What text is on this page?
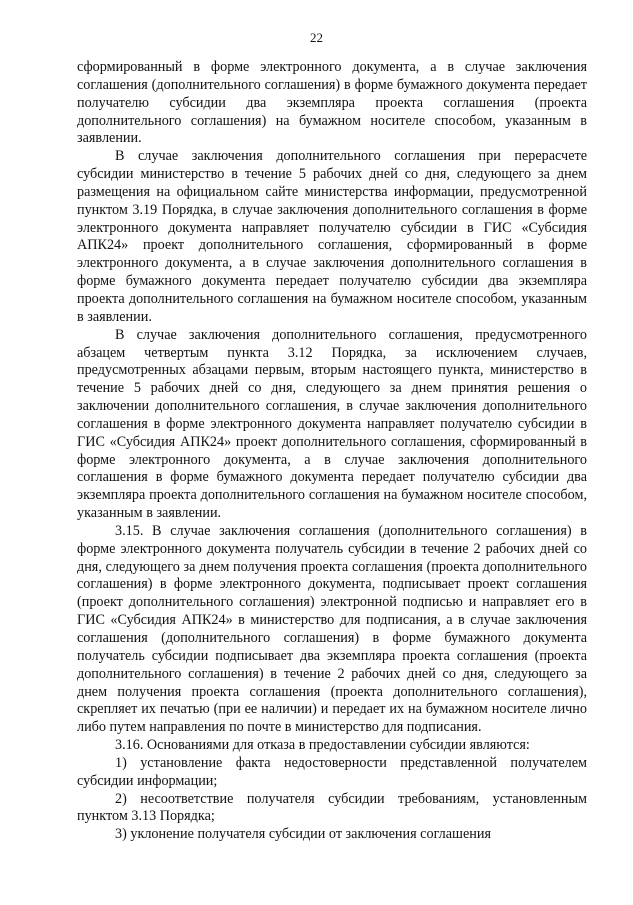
22

сформированный в форме электронного документа, а в случае заключения соглашения (дополнительного соглашения) в форме бумажного документа передает получателю субсидии два экземпляра проекта соглашения (проекта дополнительного соглашения) на бумажном носителе способом, указанным в заявлении.

В случае заключения дополнительного соглашения при перерасчете субсидии министерство в течение 5 рабочих дней со дня, следующего за днем размещения на официальном сайте министерства информации, предусмотренной пунктом 3.19 Порядка, в случае заключения дополнительного соглашения в форме электронного документа направляет получателю субсидии в ГИС «Субсидия АПК24» проект дополнительного соглашения, сформированный в форме электронного документа, а в случае заключения дополнительного соглашения в форме бумажного документа передает получателю субсидии два экземпляра проекта дополнительного соглашения на бумажном носителе способом, указанным в заявлении.

В случае заключения дополнительного соглашения, предусмотренного абзацем четвертым пункта 3.12 Порядка, за исключением случаев, предусмотренных абзацами первым, вторым настоящего пункта, министерство в течение 5 рабочих дней со дня, следующего за днем принятия решения о заключении дополнительного соглашения, в случае заключения дополнительного соглашения в форме электронного документа направляет получателю субсидии в ГИС «Субсидия АПК24» проект дополнительного соглашения, сформированный в форме электронного документа, а в случае заключения дополнительного соглашения в форме бумажного документа передает получателю субсидии два экземпляра проекта дополнительного соглашения на бумажном носителе способом, указанным в заявлении.

3.15. В случае заключения соглашения (дополнительного соглашения) в форме электронного документа получатель субсидии в течение 2 рабочих дней со дня, следующего за днем получения проекта соглашения (проекта дополнительного соглашения) в форме электронного документа, подписывает проект соглашения (проект дополнительного соглашения) электронной подписью и направляет его в ГИС «Субсидия АПК24» в министерство для подписания, а в случае заключения соглашения (дополнительного соглашения) в форме бумажного документа получатель субсидии подписывает два экземпляра проекта соглашения (проекта дополнительного соглашения) в течение 2 рабочих дней со дня, следующего за днем получения проекта соглашения (проекта дополнительного соглашения), скрепляет их печатью (при ее наличии) и передает их на бумажном носителе лично либо путем направления по почте в министерство для подписания.

3.16. Основаниями для отказа в предоставлении субсидии являются:

1) установление факта недостоверности представленной получателем субсидии информации;

2) несоответствие получателя субсидии требованиям, установленным пунктом 3.13 Порядка;

3) уклонение получателя субсидии от заключения соглашения
